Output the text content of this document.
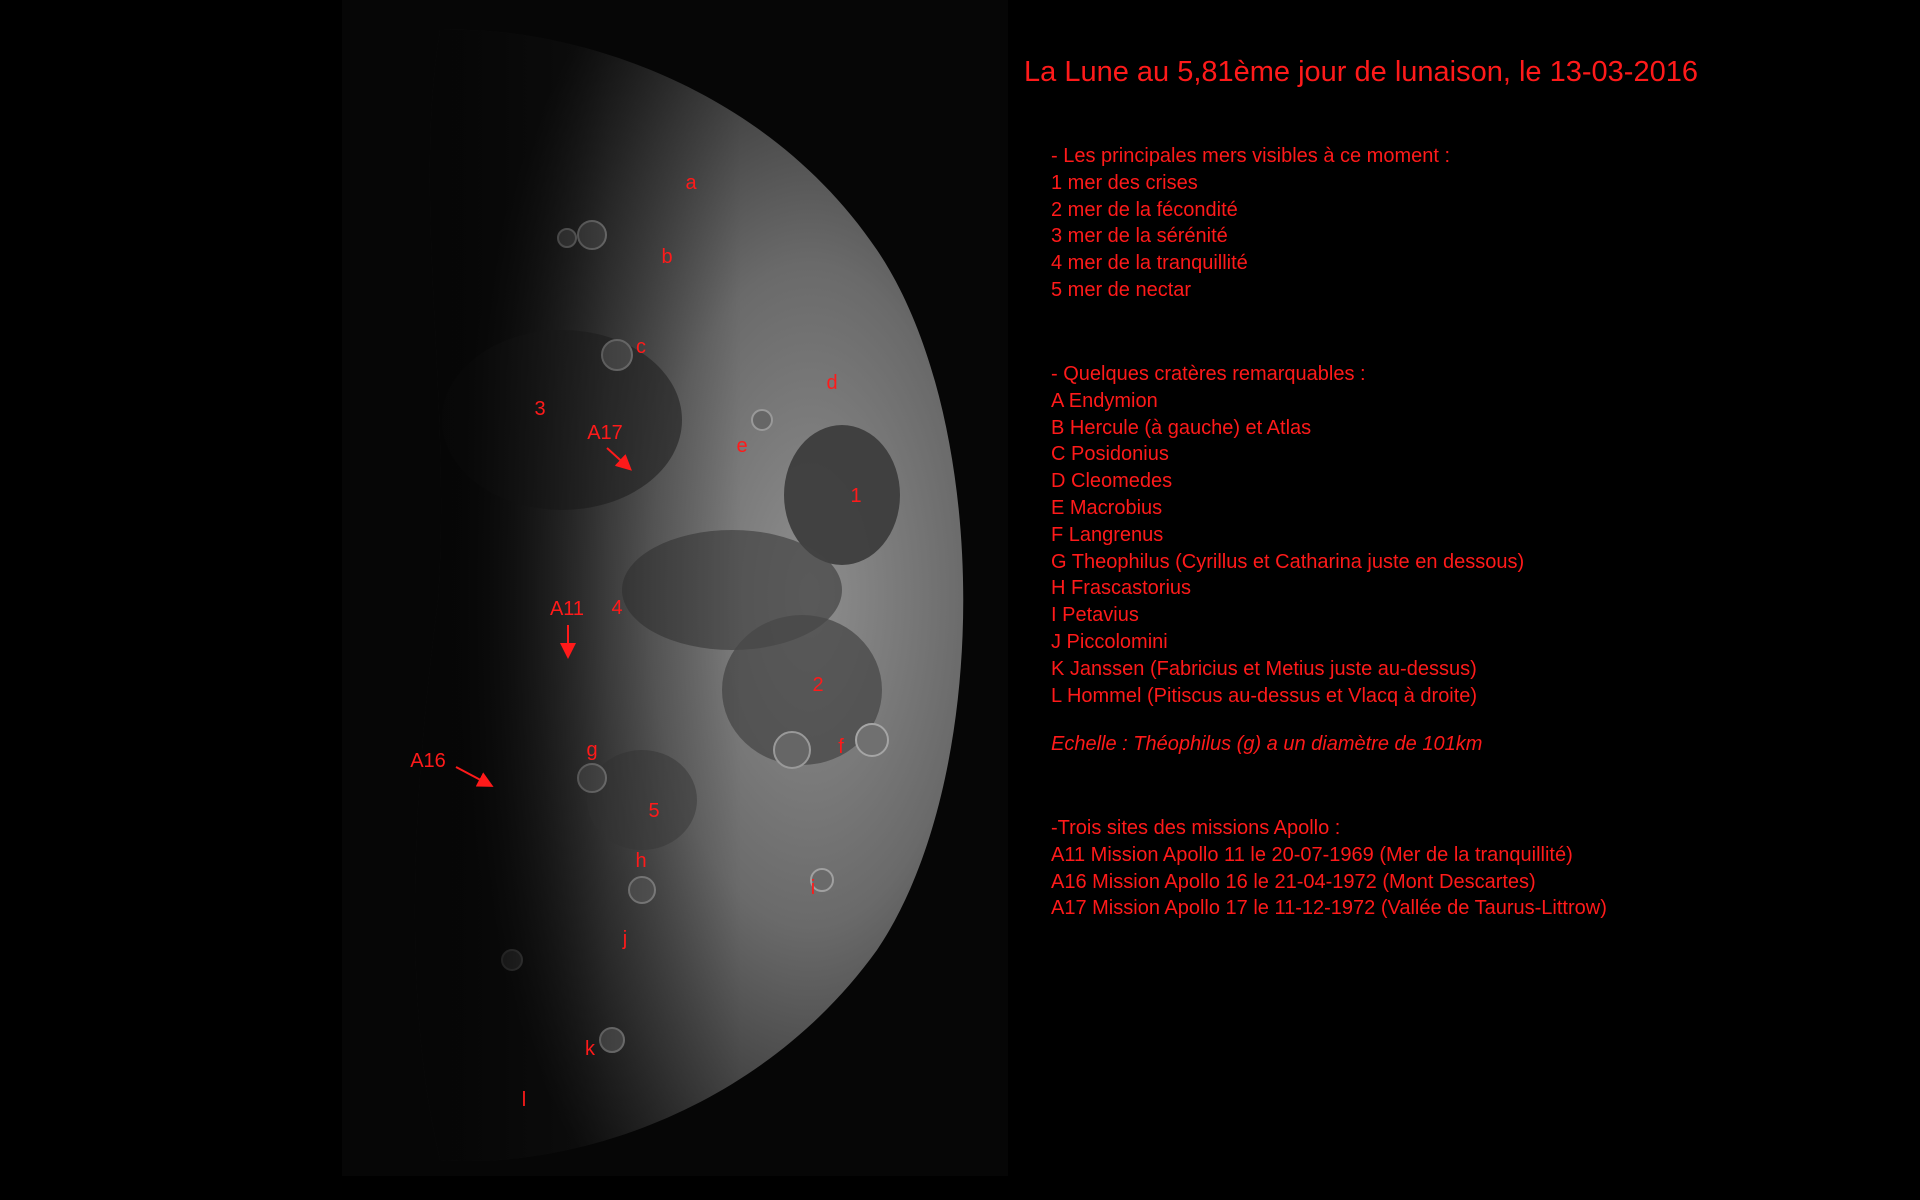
a
b
c
d
e
f
g
h
i
j
k
l
1
2
3
4
5
A11
A16
A17
La Lune au 5,81ème jour de lunaison, le 13-03-2016
- Les principales mers visibles à ce moment :
1 mer des crises
2 mer de la fécondité
3 mer de la sérénité
4 mer de la tranquillité
5 mer de nectar
- Quelques cratères remarquables :
A Endymion
B Hercule (à gauche) et Atlas
C Posidonius
D Cleomedes
E Macrobius
F Langrenus
G Theophilus (Cyrillus et Catharina juste en dessous)
H Frascastorius
I Petavius
J Piccolomini
K Janssen (Fabricius et Metius juste au-dessus)
L Hommel (Pitiscus au-dessus et Vlacq à droite)
Echelle : Théophilus (g) a un diamètre de 101km
-Trois sites des missions Apollo :
A11 Mission Apollo 11 le 20-07-1969 (Mer de la tranquillité)
A16 Mission Apollo 16 le 21-04-1972 (Mont Descartes)
A17 Mission Apollo 17 le 11-12-1972 (Vallée de Taurus-Littrow)
